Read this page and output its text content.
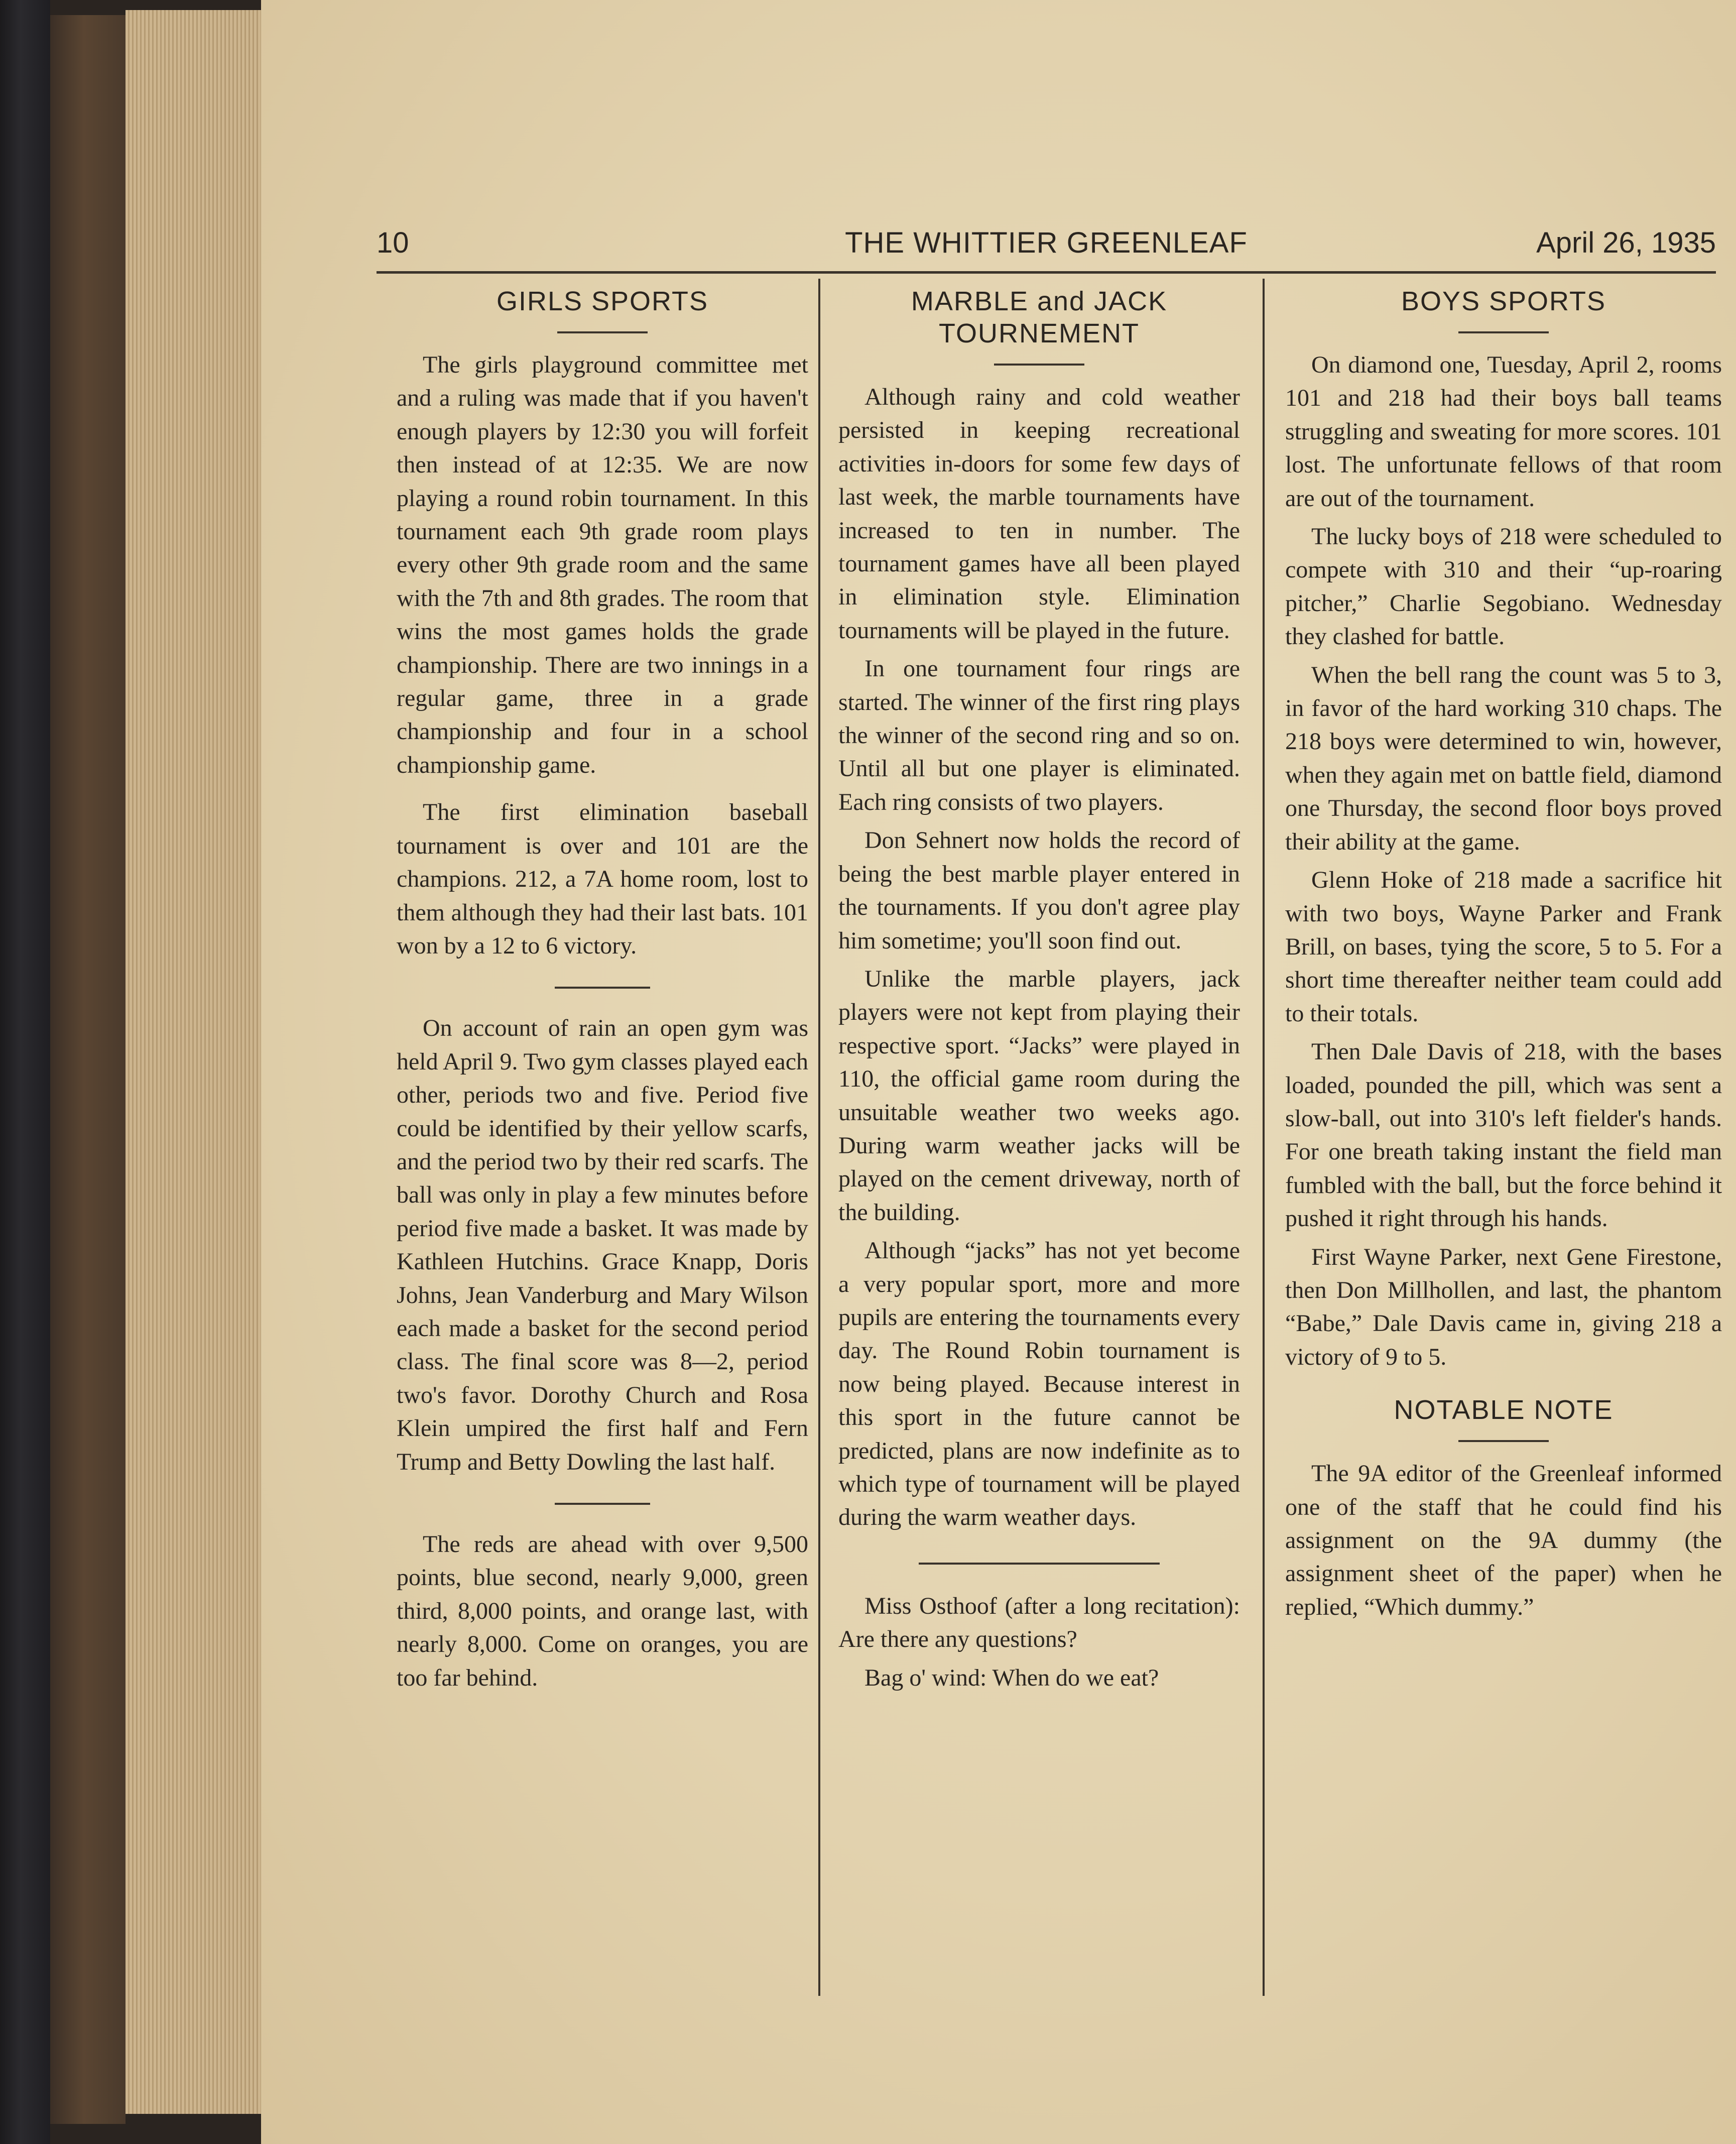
10	THE WHITTIER GREENLEAF	April 26, 1935
GIRLS SPORTS

The girls playground committee met and a ruling was made that if you haven't enough players by 12:30 you will forfeit then instead of at 12:35. We are now playing a round robin tournament. In this tournament each 9th grade room plays every other 9th grade room and the same with the 7th and 8th grades. The room that wins the most games holds the grade championship. There are two innings in a regular game, three in a grade championship and four in a school championship game.

The first elimination baseball tournament is over and 101 are the champions. 212, a 7A home room, lost to them although they had their last bats. 101 won by a 12 to 6 victory.

On account of rain an open gym was held April 9. Two gym classes played each other, periods two and five. Period five could be identified by their yellow scarfs, and the period two by their red scarfs. The ball was only in play a few minutes before period five made a basket. It was made by Kathleen Hutchins. Grace Knapp, Doris Johns, Jean Vanderburg and Mary Wilson each made a basket for the second period class. The final score was 8—2, period two's favor. Dorothy Church and Rosa Klein umpired the first half and Fern Trump and Betty Dowling the last half.

The reds are ahead with over 9,500 points, blue second, nearly 9,000, green third, 8,000 points, and orange last, with nearly 8,000. Come on oranges, you are too far behind.

MARBLE and JACK
TOURNEMENT

Although rainy and cold weather persisted in keeping recreational activities in-doors for some few days of last week, the marble tournaments have increased to ten in number. The tournament games have all been played in elimination style. Elimination tournaments will be played in the future.

In one tournament four rings are started. The winner of the first ring plays the winner of the second ring and so on. Until all but one player is eliminated. Each ring consists of two players.

Don Sehnert now holds the record of being the best marble player entered in the tournaments. If you don't agree play him sometime; you'll soon find out.

Unlike the marble players, jack players were not kept from playing their respective sport. “Jacks” were played in 110, the official game room during the unsuitable weather two weeks ago. During warm weather jacks will be played on the cement driveway, north of the building.

Although “jacks” has not yet become a very popular sport, more and more pupils are entering the tournaments every day. The Round Robin tournament is now being played. Because interest in this sport in the future cannot be predicted, plans are now indefinite as to which type of tournament will be played during the warm weather days.

Miss Osthoof (after a long recitation): Are there any questions?

Bag o' wind: When do we eat?

BOYS SPORTS

On diamond one, Tuesday, April 2, rooms 101 and 218 had their boys ball teams struggling and sweating for more scores. 101 lost. The unfortunate fellows of that room are out of the tournament.

The lucky boys of 218 were scheduled to compete with 310 and their “up-roaring pitcher,” Charlie Segobiano. Wednesday they clashed for battle.

When the bell rang the count was 5 to 3, in favor of the hard working 310 chaps. The 218 boys were determined to win, however, when they again met on battle field, diamond one Thursday, the second floor boys proved their ability at the game.

Glenn Hoke of 218 made a sacrifice hit with two boys, Wayne Parker and Frank Brill, on bases, tying the score, 5 to 5. For a short time thereafter neither team could add to their totals.

Then Dale Davis of 218, with the bases loaded, pounded the pill, which was sent a slow-ball, out into 310's left fielder's hands. For one breath taking instant the field man fumbled with the ball, but the force behind it pushed it right through his hands.

First Wayne Parker, next Gene Firestone, then Don Millhollen, and last, the phantom “Babe,” Dale Davis came in, giving 218 a victory of 9 to 5.

NOTABLE NOTE

The 9A editor of the Greenleaf informed one of the staff that he could find his assignment on the 9A dummy (the assignment sheet of the paper) when he replied, “Which dummy.”
